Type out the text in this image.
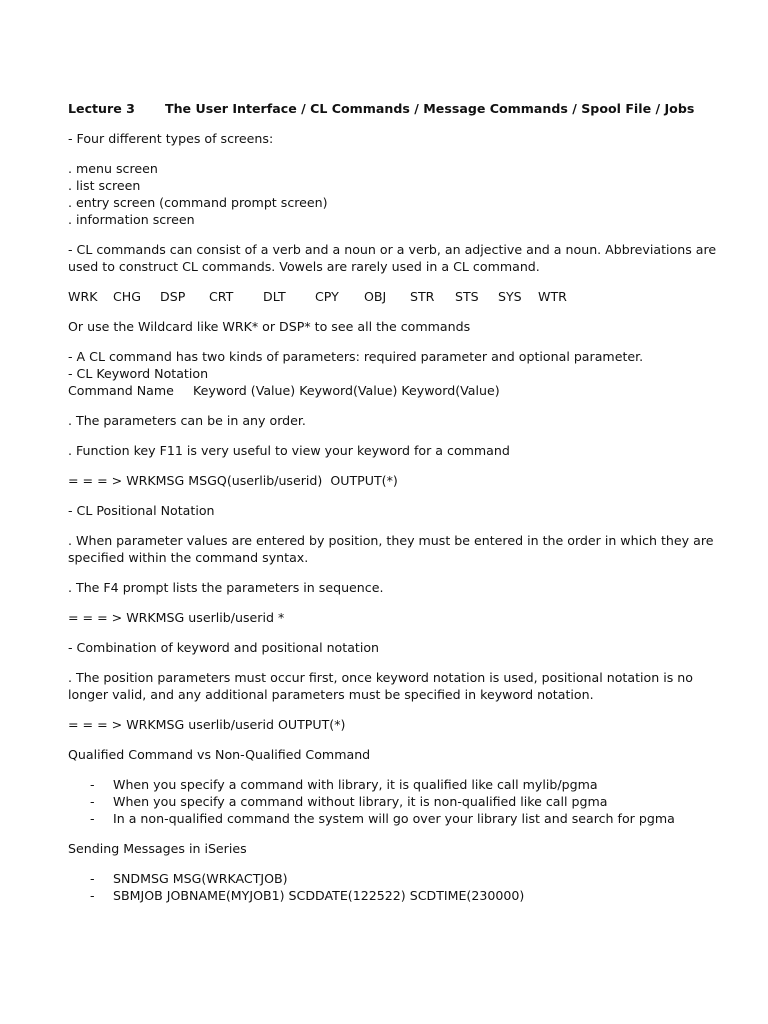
Lecture 3 The User Interface / CL Commands / Message Commands / Spool File / Jobs
- Four different types of screens:
. menu screen
. list screen
. entry screen (command prompt screen)
. information screen
- CL commands can consist of a verb and a noun or a verb, an adjective and a noun. Abbreviations are used to construct CL commands. Vowels are rarely used in a CL command.
WRK	CHG	DSP	CRT	DLT	CPY	OBJ	STR	STS	SYS	WTR
Or use the Wildcard like WRK* or DSP* to see all the commands
- A CL command has two kinds of parameters: required parameter and optional parameter.
- CL Keyword Notation
Command Name Keyword (Value) Keyword(Value) Keyword(Value)
. The parameters can be in any order.
. Function key F11 is very useful to view your keyword for a command
= = = > WRKMSG MSGQ(userlib/userid)  OUTPUT(*)
- CL Positional Notation
. When parameter values are entered by position, they must be entered in the order in which they are specified within the command syntax.
. The F4 prompt lists the parameters in sequence.
= = = > WRKMSG userlib/userid *
- Combination of keyword and positional notation
. The position parameters must occur first, once keyword notation is used, positional notation is no longer valid, and any additional parameters must be specified in keyword notation.
= = = > WRKMSG userlib/userid OUTPUT(*)
Qualified Command vs Non-Qualified Command
- When you specify a command with library, it is qualified like call mylib/pgma
- When you specify a command without library, it is non-qualified like call pgma
- In a non-qualified command the system will go over your library list and search for pgma
Sending Messages in iSeries
- SNDMSG MSG(WRKACTJOB)
- SBMJOB JOBNAME(MYJOB1) SCDDATE(122522) SCDTIME(230000)
